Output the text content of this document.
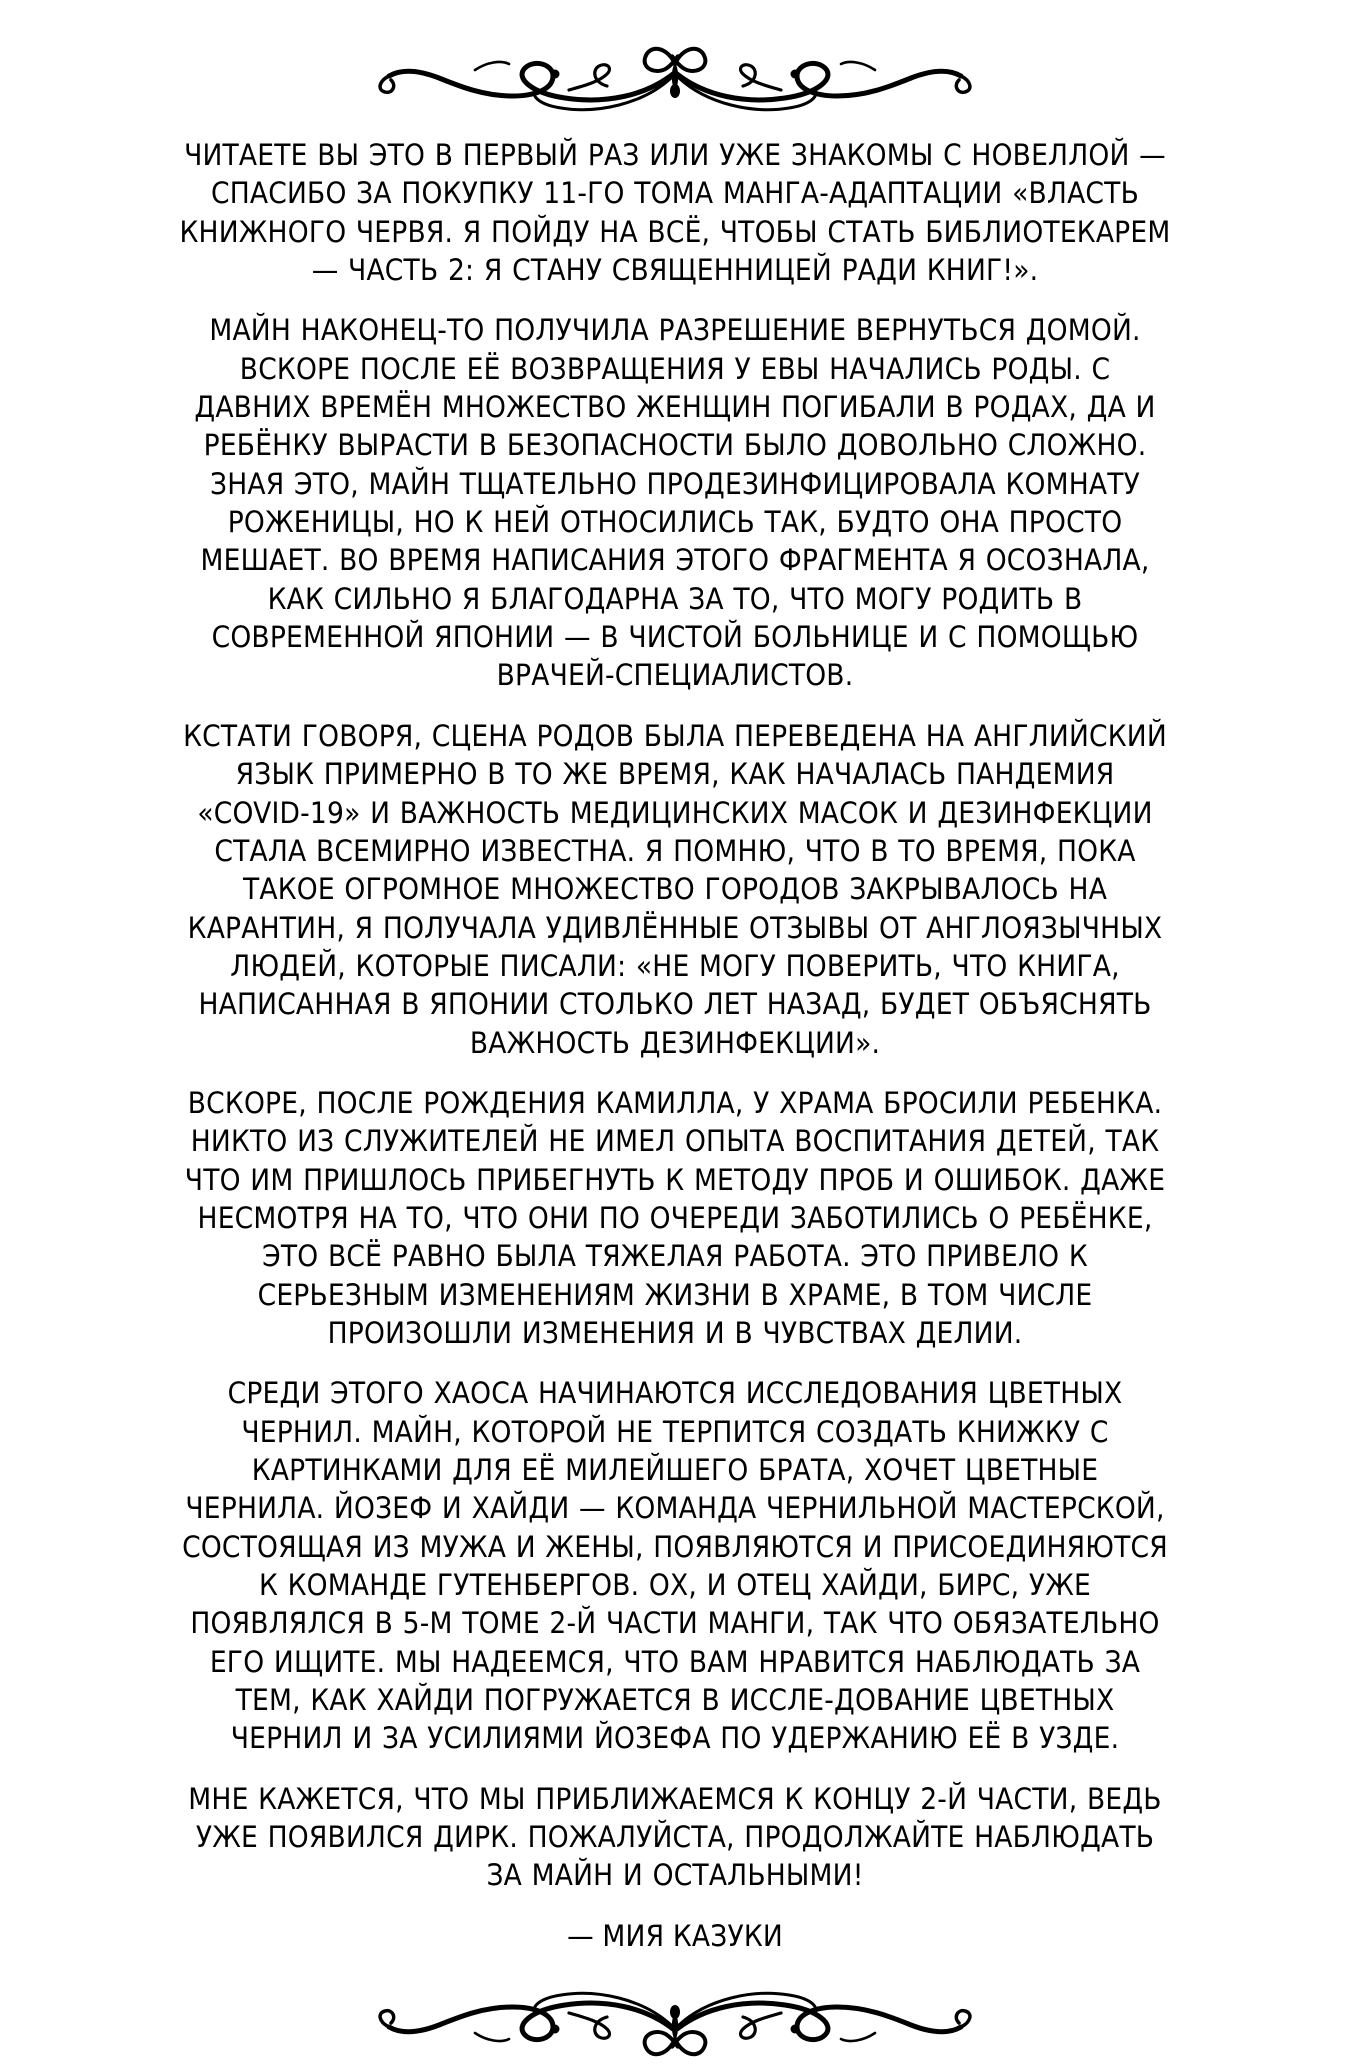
ЧИТАЕТЕ ВЫ ЭТО В ПЕРВЫЙ РАЗ ИЛИ УЖЕ ЗНАКОМЫ С НОВЕЛЛОЙ — СПАСИБО ЗА ПОКУПКУ 11-ГО ТОМА МАНГА-АДАПТАЦИИ «ВЛАСТЬ КНИЖНОГО ЧЕРВЯ. Я ПОЙДУ НА ВСЁ, ЧТОБЫ СТАТЬ БИБЛИОТЕКАРЕМ — ЧАСТЬ 2: Я СТАНУ СВЯЩЕННИЦЕЙ РАДИ КНИГ!».

МАЙН НАКОНЕЦ-ТО ПОЛУЧИЛА РАЗРЕШЕНИЕ ВЕРНУТЬСЯ ДОМОЙ. ВСКОРЕ ПОСЛЕ ЕЁ ВОЗВРАЩЕНИЯ У ЕВЫ НАЧАЛИСЬ РОДЫ. С ДАВНИХ ВРЕМЁН МНОЖЕСТВО ЖЕНЩИН ПОГИБАЛИ В РОДАХ, ДА И РЕБЁНКУ ВЫРАСТИ В БЕЗОПАСНОСТИ БЫЛО ДОВОЛЬНО СЛОЖНО. ЗНАЯ ЭТО, МАЙН ТЩАТЕЛЬНО ПРОДЕЗИНФИЦИРОВАЛА КОМНАТУ РОЖЕНИЦЫ, НО К НЕЙ ОТНОСИЛИСЬ ТАК, БУДТО ОНА ПРОСТО МЕШАЕТ. ВО ВРЕМЯ НАПИСАНИЯ ЭТОГО ФРАГМЕНТА Я ОСОЗНАЛА, КАК СИЛЬНО Я БЛАГОДАРНА ЗА ТО, ЧТО МОГУ РОДИТЬ В СОВРЕМЕННОЙ ЯПОНИИ — В ЧИСТОЙ БОЛЬНИЦЕ И С ПОМОЩЬЮ ВРАЧЕЙ-СПЕЦИАЛИСТОВ.

КСТАТИ ГОВОРЯ, СЦЕНА РОДОВ БЫЛА ПЕРЕВЕДЕНА НА АНГЛИЙСКИЙ ЯЗЫК ПРИМЕРНО В ТО ЖЕ ВРЕМЯ, КАК НАЧАЛАСЬ ПАНДЕМИЯ «COVID-19» И ВАЖНОСТЬ МЕДИЦИНСКИХ МАСОК И ДЕЗИНФЕКЦИИ СТАЛА ВСЕМИРНО ИЗВЕСТНА. Я ПОМНЮ, ЧТО В ТО ВРЕМЯ, ПОКА ТАКОЕ ОГРОМНОЕ МНОЖЕСТВО ГОРОДОВ ЗАКРЫВАЛОСЬ НА КАРАНТИН, Я ПОЛУЧАЛА УДИВЛЁННЫЕ ОТЗЫВЫ ОТ АНГЛОЯЗЫЧНЫХ ЛЮДЕЙ, КОТОРЫЕ ПИСАЛИ: «НЕ МОГУ ПОВЕРИТЬ, ЧТО КНИГА, НАПИСАННАЯ В ЯПОНИИ СТОЛЬКО ЛЕТ НАЗАД, БУДЕТ ОБЪЯСНЯТЬ ВАЖНОСТЬ ДЕЗИНФЕКЦИИ».

ВСКОРЕ, ПОСЛЕ РОЖДЕНИЯ КАМИЛЛА, У ХРАМА БРОСИЛИ РЕБЕНКА. НИКТО ИЗ СЛУЖИТЕЛЕЙ НЕ ИМЕЛ ОПЫТА ВОСПИТАНИЯ ДЕТЕЙ, ТАК ЧТО ИМ ПРИШЛОСЬ ПРИБЕГНУТЬ К МЕТОДУ ПРОБ И ОШИБОК. ДАЖЕ НЕСМОТРЯ НА ТО, ЧТО ОНИ ПО ОЧЕРЕДИ ЗАБОТИЛИСЬ О РЕБЁНКЕ, ЭТО ВСЁ РАВНО БЫЛА ТЯЖЕЛАЯ РАБОТА. ЭТО ПРИВЕЛО К СЕРЬЕЗНЫМ ИЗМЕНЕНИЯМ ЖИЗНИ В ХРАМЕ, В ТОМ ЧИСЛЕ ПРОИЗОШЛИ ИЗМЕНЕНИЯ И В ЧУВСТВАХ ДЕЛИИ.

СРЕДИ ЭТОГО ХАОСА НАЧИНАЮТСЯ ИССЛЕДОВАНИЯ ЦВЕТНЫХ ЧЕРНИЛ. МАЙН, КОТОРОЙ НЕ ТЕРПИТСЯ СОЗДАТЬ КНИЖКУ С КАРТИНКАМИ ДЛЯ ЕЁ МИЛЕЙШЕГО БРАТА, ХОЧЕТ ЦВЕТНЫЕ ЧЕРНИЛА. ЙОЗЕФ И ХАЙДИ — КОМАНДА ЧЕРНИЛЬНОЙ МАСТЕРСКОЙ, СОСТОЯЩАЯ ИЗ МУЖА И ЖЕНЫ, ПОЯВЛЯЮТСЯ И ПРИСОЕДИНЯЮТСЯ К КОМАНДЕ ГУТЕНБЕРГОВ. ОХ, И ОТЕЦ ХАЙДИ, БИРС, УЖЕ ПОЯВЛЯЛСЯ В 5-М ТОМЕ 2-Й ЧАСТИ МАНГИ, ТАК ЧТО ОБЯЗАТЕЛЬНО ЕГО ИЩИТЕ. МЫ НАДЕЕМСЯ, ЧТО ВАМ НРАВИТСЯ НАБЛЮДАТЬ ЗА ТЕМ, КАК ХАЙДИ ПОГРУЖАЕТСЯ В ИССЛЕ-ДОВАНИЕ ЦВЕТНЫХ ЧЕРНИЛ И ЗА УСИЛИЯМИ ЙОЗЕФА ПО УДЕРЖАНИЮ ЕЁ В УЗДЕ.

МНЕ КАЖЕТСЯ, ЧТО МЫ ПРИБЛИЖАЕМСЯ К КОНЦУ 2-Й ЧАСТИ, ВЕДЬ УЖЕ ПОЯВИЛСЯ ДИРК. ПОЖАЛУЙСТА, ПРОДОЛЖАЙТЕ НАБЛЮДАТЬ ЗА МАЙН И ОСТАЛЬНЫМИ!

— МИЯ КАЗУКИ
